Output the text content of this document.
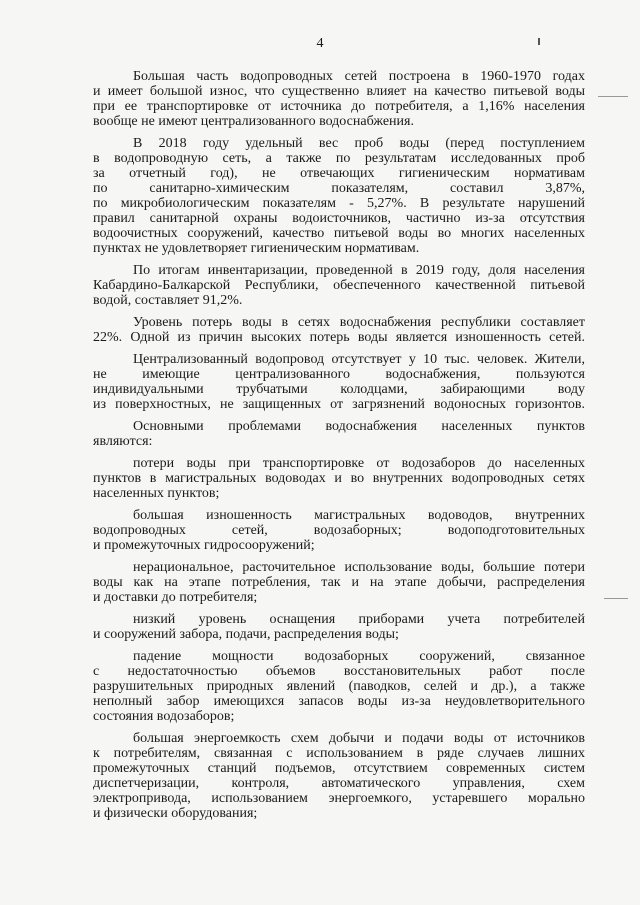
4
Большая часть водопроводных сетей построена в 1960-1970 годах
и имеет большой износ, что существенно влияет на качество питьевой воды
при ее транспортировке от источника до потребителя, а 1,16% населения
вообще не имеют централизованного водоснабжения.
В 2018 году удельный вес проб воды (перед поступлением
в водопроводную сеть, а также по результатам исследованных проб
за отчетный год), не отвечающих гигиеническим нормативам
по санитарно-химическим показателям, составил 3,87%,
по микробиологическим показателям - 5,27%. В результате нарушений
правил санитарной охраны водоисточников, частично из-за отсутствия
водоочистных сооружений, качество питьевой воды во многих населенных
пунктах не удовлетворяет гигиеническим нормативам.
По итогам инвентаризации, проведенной в 2019 году, доля населения
Кабардино-Балкарской Республики, обеспеченного качественной питьевой
водой, составляет 91,2%.
Уровень потерь воды в сетях водоснабжения республики составляет
22%. Одной из причин высоких потерь воды является изношенность сетей.
Централизованный водопровод отсутствует у 10 тыс. человек. Жители,
не имеющие централизованного водоснабжения, пользуются
индивидуальными трубчатыми колодцами, забирающими воду
из поверхностных, не защищенных от загрязнений водоносных горизонтов.
Основными проблемами водоснабжения населенных пунктов
являются:
потери воды при транспортировке от водозаборов до населенных
пунктов в магистральных водоводах и во внутренних водопроводных сетях
населенных пунктов;
большая изношенность магистральных водоводов, внутренних
водопроводных сетей, водозаборных; водоподготовительных
и промежуточных гидросооружений;
нерациональное, расточительное использование воды, большие потери
воды как на этапе потребления, так и на этапе добычи, распределения
и доставки до потребителя;
низкий уровень оснащения приборами учета потребителей
и сооружений забора, подачи, распределения воды;
падение мощности водозаборных сооружений, связанное
с недостаточностью объемов восстановительных работ после
разрушительных природных явлений (паводков, селей и др.), а также
неполный забор имеющихся запасов воды из-за неудовлетворительного
состояния водозаборов;
большая энергоемкость схем добычи и подачи воды от источников
к потребителям, связанная с использованием в ряде случаев лишних
промежуточных станций подъемов, отсутствием современных систем
диспетчеризации, контроля, автоматического управления, схем
электропривода, использованием энергоемкого, устаревшего морально
и физически оборудования;
